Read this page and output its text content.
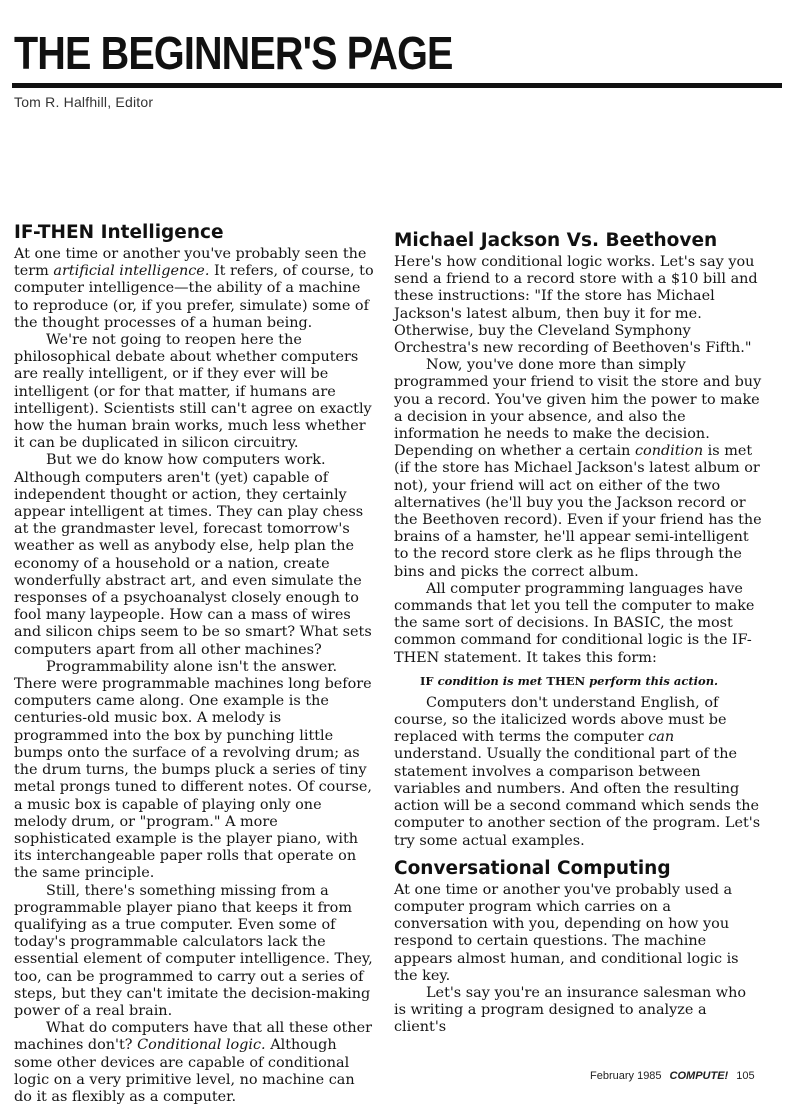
THE BEGINNER'S PAGE
Tom R. Halfhill, Editor
IF-THEN Intelligence

At one time or another you've probably seen the term artificial intelligence. It refers, of course, to computer intelligence—the ability of a machine to reproduce (or, if you prefer, simulate) some of the thought processes of a human being.

We're not going to reopen here the philosophical debate about whether computers are really intelligent, or if they ever will be intelligent (or for that matter, if humans are intelligent). Scientists still can't agree on exactly how the human brain works, much less whether it can be duplicated in silicon circuitry.

But we do know how computers work. Although computers aren't (yet) capable of independent thought or action, they certainly appear intelligent at times. They can play chess at the grandmaster level, forecast tomorrow's weather as well as anybody else, help plan the economy of a household or a nation, create wonderfully abstract art, and even simulate the responses of a psychoanalyst closely enough to fool many laypeople. How can a mass of wires and silicon chips seem to be so smart? What sets computers apart from all other machines?

Programmability alone isn't the answer. There were programmable machines long before computers came along. One example is the centuries-old music box. A melody is programmed into the box by punching little bumps onto the surface of a revolving drum; as the drum turns, the bumps pluck a series of tiny metal prongs tuned to different notes. Of course, a music box is capable of playing only one melody drum, or "program." A more sophisticated example is the player piano, with its interchangeable paper rolls that operate on the same principle.

Still, there's something missing from a programmable player piano that keeps it from qualifying as a true computer. Even some of today's programmable calculators lack the essential element of computer intelligence. They, too, can be programmed to carry out a series of steps, but they can't imitate the decision-making power of a real brain.

What do computers have that all these other machines don't? Conditional logic. Although some other devices are capable of conditional logic on a very primitive level, no machine can do it as flexibly as a computer.

Michael Jackson Vs. Beethoven

Here's how conditional logic works. Let's say you send a friend to a record store with a $10 bill and these instructions: "If the store has Michael Jackson's latest album, then buy it for me. Otherwise, buy the Cleveland Symphony Orchestra's new recording of Beethoven's Fifth."

Now, you've done more than simply programmed your friend to visit the store and buy you a record. You've given him the power to make a decision in your absence, and also the information he needs to make the decision. Depending on whether a certain condition is met (if the store has Michael Jackson's latest album or not), your friend will act on either of the two alternatives (he'll buy you the Jackson record or the Beethoven record). Even if your friend has the brains of a hamster, he'll appear semi-intelligent to the record store clerk as he flips through the bins and picks the correct album.

All computer programming languages have commands that let you tell the computer to make the same sort of decisions. In BASIC, the most common command for conditional logic is the IF-THEN statement. It takes this form:

IF condition is met THEN perform this action.

Computers don't understand English, of course, so the italicized words above must be replaced with terms the computer can understand. Usually the conditional part of the statement involves a comparison between variables and numbers. And often the resulting action will be a second command which sends the computer to another section of the program. Let's try some actual examples.

Conversational Computing

At one time or another you've probably used a computer program which carries on a conversation with you, depending on how you respond to certain questions. The machine appears almost human, and conditional logic is the key.

Let's say you're an insurance salesman who is writing a program designed to analyze a client's

February 1985 COMPUTE! 105
